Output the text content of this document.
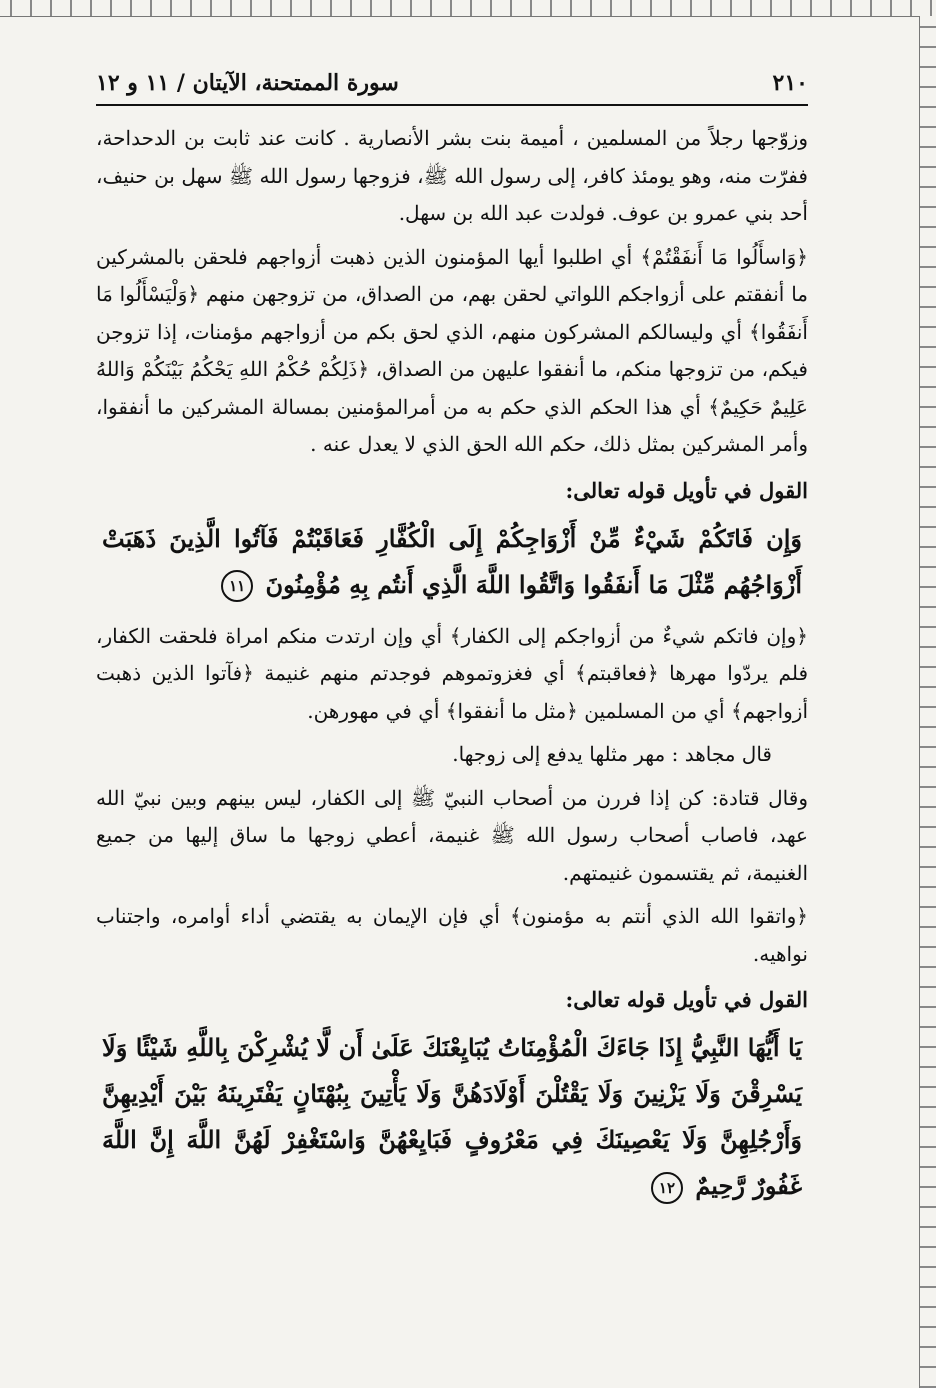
٢١٠
سورة الممتحنة، الآيتان / ١١ و ١٢

وزوّجها رجلاً من المسلمين ، أميمة بنت بشر الأنصارية . كانت عند ثابت بن الدحداحة، ففرّت منه، وهو يومئذ كافر، إلى رسول الله ﷺ، فزوجها رسول الله ﷺ سهل بن حنيف، أحد بني عمرو بن عوف. فولدت عبد الله بن سهل.

﴿وَاسأَلُوا مَا أَنفَقْتُمْ﴾ أي اطلبوا أيها المؤمنون الذين ذهبت أزواجهم فلحقن بالمشركين ما أنفقتم على أزواجكم اللواتي لحقن بهم، من الصداق، من تزوجهن منهم ﴿وَلْيَسْأَلُوا مَا أَنفَقُوا﴾ أي وليسالكم المشركون منهم، الذي لحق بكم من أزواجهم مؤمنات، إذا تزوجن فيكم، من تزوجها منكم، ما أنفقوا عليهن من الصداق، ﴿ذَلِكُمْ حُكْمُ اللهِ يَحْكُمُ بَيْنَكُمْ وَاللهُ عَلِيمٌ حَكِيمٌ﴾ أي هذا الحكم الذي حكم به من أمرالمؤمنين بمسالة المشركين ما أنفقوا، وأمر المشركين بمثل ذلك، حكم الله الحق الذي لا يعدل عنه .

القول في تأويل قوله تعالى:
وَإِن فَاتَكُمْ شَيْءٌ مِّنْ أَزْوَاجِكُمْ إِلَى الْكُفَّارِ فَعَاقَبْتُمْ فَآتُوا الَّذِينَ ذَهَبَتْ أَزْوَاجُهُم مِّثْلَ مَا أَنفَقُوا وَاتَّقُوا اللَّهَ الَّذِي أَنتُم بِهِ مُؤْمِنُونَ ١١

﴿وإن فاتكم شيءٌ من أزواجكم إلى الكفار﴾ أي وإن ارتدت منكم امراة فلحقت الكفار، فلم يردّوا مهرها ﴿فعاقبتم﴾ أي فغزوتموهم فوجدتم منهم غنيمة ﴿فآتوا الذين ذهبت أزواجهم﴾ أي من المسلمين ﴿مثل ما أنفقوا﴾ أي في مهورهن.

قال مجاهد : مهر مثلها يدفع إلى زوجها.

وقال قتادة: كن إذا فررن من أصحاب النبيّ ﷺ إلى الكفار، ليس بينهم وبين نبيّ الله عهد، فاصاب أصحاب رسول الله ﷺ غنيمة، أعطي زوجها ما ساق إليها من جميع الغنيمة، ثم يقتسمون غنيمتهم.

﴿واتقوا الله الذي أنتم به مؤمنون﴾ أي فإن الإيمان به يقتضي أداء أوامره، واجتناب نواهيه.

القول في تأويل قوله تعالى:
يَا أَيُّهَا النَّبِيُّ إِذَا جَاءَكَ الْمُؤْمِنَاتُ يُبَايِعْنَكَ عَلَىٰ أَن لَّا يُشْرِكْنَ بِاللَّهِ شَيْئًا وَلَا يَسْرِقْنَ وَلَا يَزْنِينَ وَلَا يَقْتُلْنَ أَوْلَادَهُنَّ وَلَا يَأْتِينَ بِبُهْتَانٍ يَفْتَرِينَهُ بَيْنَ أَيْدِيهِنَّ وَأَرْجُلِهِنَّ وَلَا يَعْصِينَكَ فِي مَعْرُوفٍ فَبَايِعْهُنَّ وَاسْتَغْفِرْ لَهُنَّ اللَّهَ إِنَّ اللَّهَ غَفُورٌ رَّحِيمٌ ١٢
